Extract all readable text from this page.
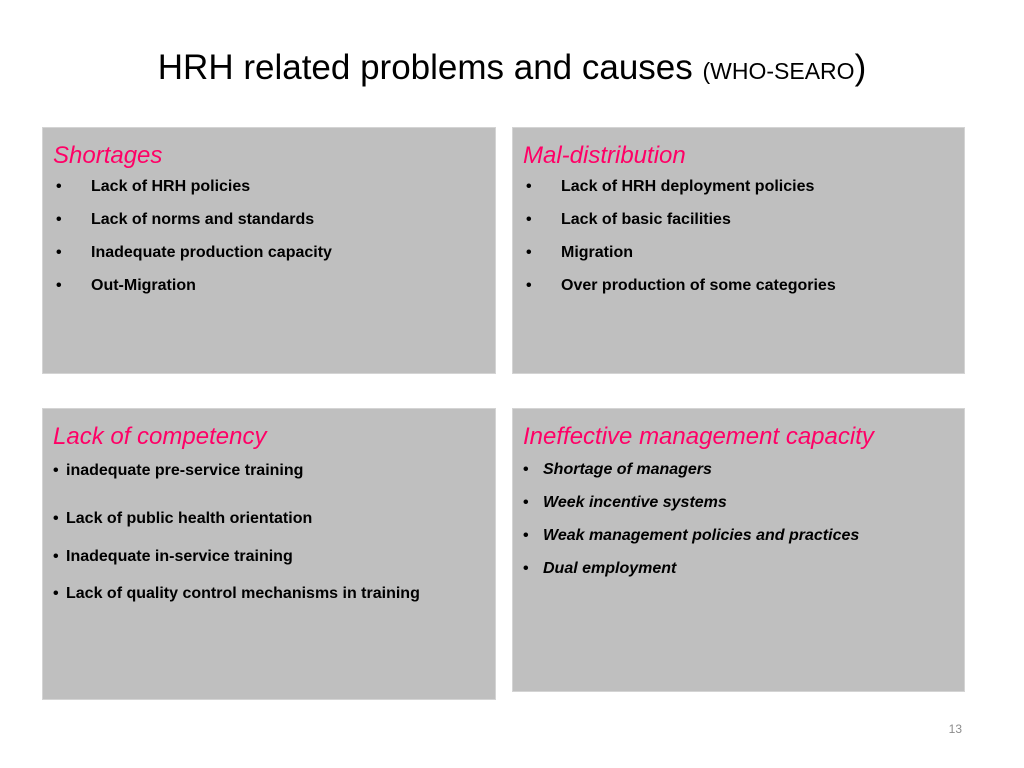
HRH related problems and causes (WHO-SEARO)
Shortages
•	Lack of HRH policies
•	Lack of norms and standards
•	Inadequate production capacity
•	Out-Migration
Mal-distribution
•	Lack of HRH deployment policies
•	Lack of basic facilities
•	Migration
•	Over production of some categories
Lack of competency
• inadequate pre-service training
• Lack of public health orientation
• Inadequate in-service training
• Lack of quality control mechanisms in training
Ineffective management capacity
• Shortage of managers
• Week incentive systems
• Weak management policies and practices
• Dual employment
13
